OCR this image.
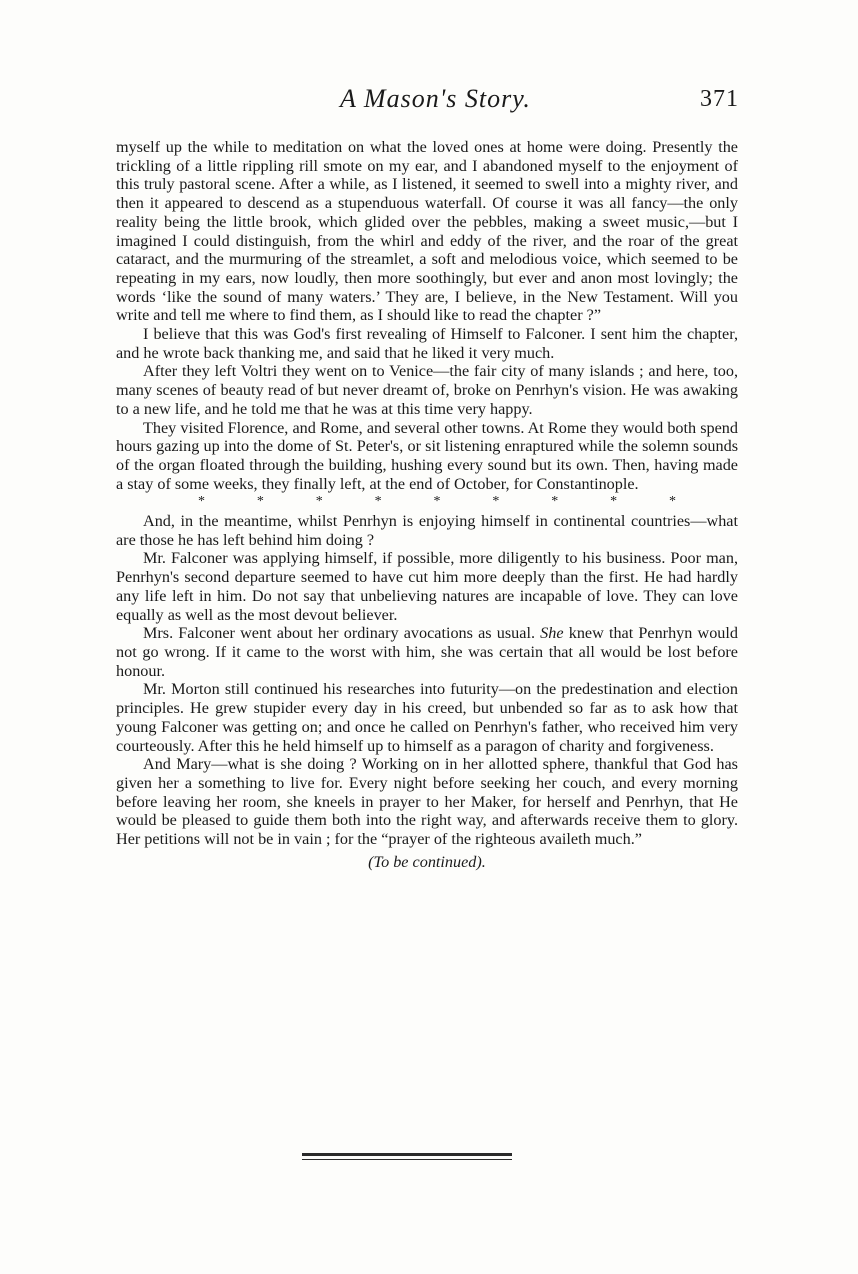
A Mason's Story.	371

myself up the while to meditation on what the loved ones at home were doing. Presently the trickling of a little rippling rill smote on my ear, and I abandoned myself to the enjoyment of this truly pastoral scene. After a while, as I listened, it seemed to swell into a mighty river, and then it appeared to descend as a stupenduous waterfall. Of course it was all fancy—the only reality being the little brook, which glided over the pebbles, making a sweet music,—but I imagined I could distinguish, from the whirl and eddy of the river, and the roar of the great cataract, and the murmuring of the streamlet, a soft and melodious voice, which seemed to be repeating in my ears, now loudly, then more soothingly, but ever and anon most lovingly; the words ‘like the sound of many waters.’ They are, I believe, in the New Testament. Will you write and tell me where to find them, as I should like to read the chapter ?”

I believe that this was God's first revealing of Himself to Falconer. I sent him the chapter, and he wrote back thanking me, and said that he liked it very much.

After they left Voltri they went on to Venice—the fair city of many islands ; and here, too, many scenes of beauty read of but never dreamt of, broke on Penrhyn's vision. He was awaking to a new life, and he told me that he was at this time very happy.

They visited Florence, and Rome, and several other towns. At Rome they would both spend hours gazing up into the dome of St. Peter's, or sit listening enraptured while the solemn sounds of the organ floated through the building, hushing every sound but its own. Then, having made a stay of some weeks, they finally left, at the end of October, for Constantinople.

*	*	*	*	*	*	*	*	*

And, in the meantime, whilst Penrhyn is enjoying himself in continental countries—what are those he has left behind him doing ?

Mr. Falconer was applying himself, if possible, more diligently to his business. Poor man, Penrhyn's second departure seemed to have cut him more deeply than the first. He had hardly any life left in him. Do not say that unbelieving natures are incapable of love. They can love equally as well as the most devout believer.

Mrs. Falconer went about her ordinary avocations as usual. She knew that Penrhyn would not go wrong. If it came to the worst with him, she was certain that all would be lost before honour.

Mr. Morton still continued his researches into futurity—on the predestination and election principles. He grew stupider every day in his creed, but unbended so far as to ask how that young Falconer was getting on; and once he called on Penrhyn's father, who received him very courteously. After this he held himself up to himself as a paragon of charity and forgiveness.

And Mary—what is she doing ? Working on in her allotted sphere, thankful that God has given her a something to live for. Every night before seeking her couch, and every morning before leaving her room, she kneels in prayer to her Maker, for herself and Penrhyn, that He would be pleased to guide them both into the right way, and afterwards receive them to glory. Her petitions will not be in vain ; for the “prayer of the righteous availeth much.”

(To be continued).
